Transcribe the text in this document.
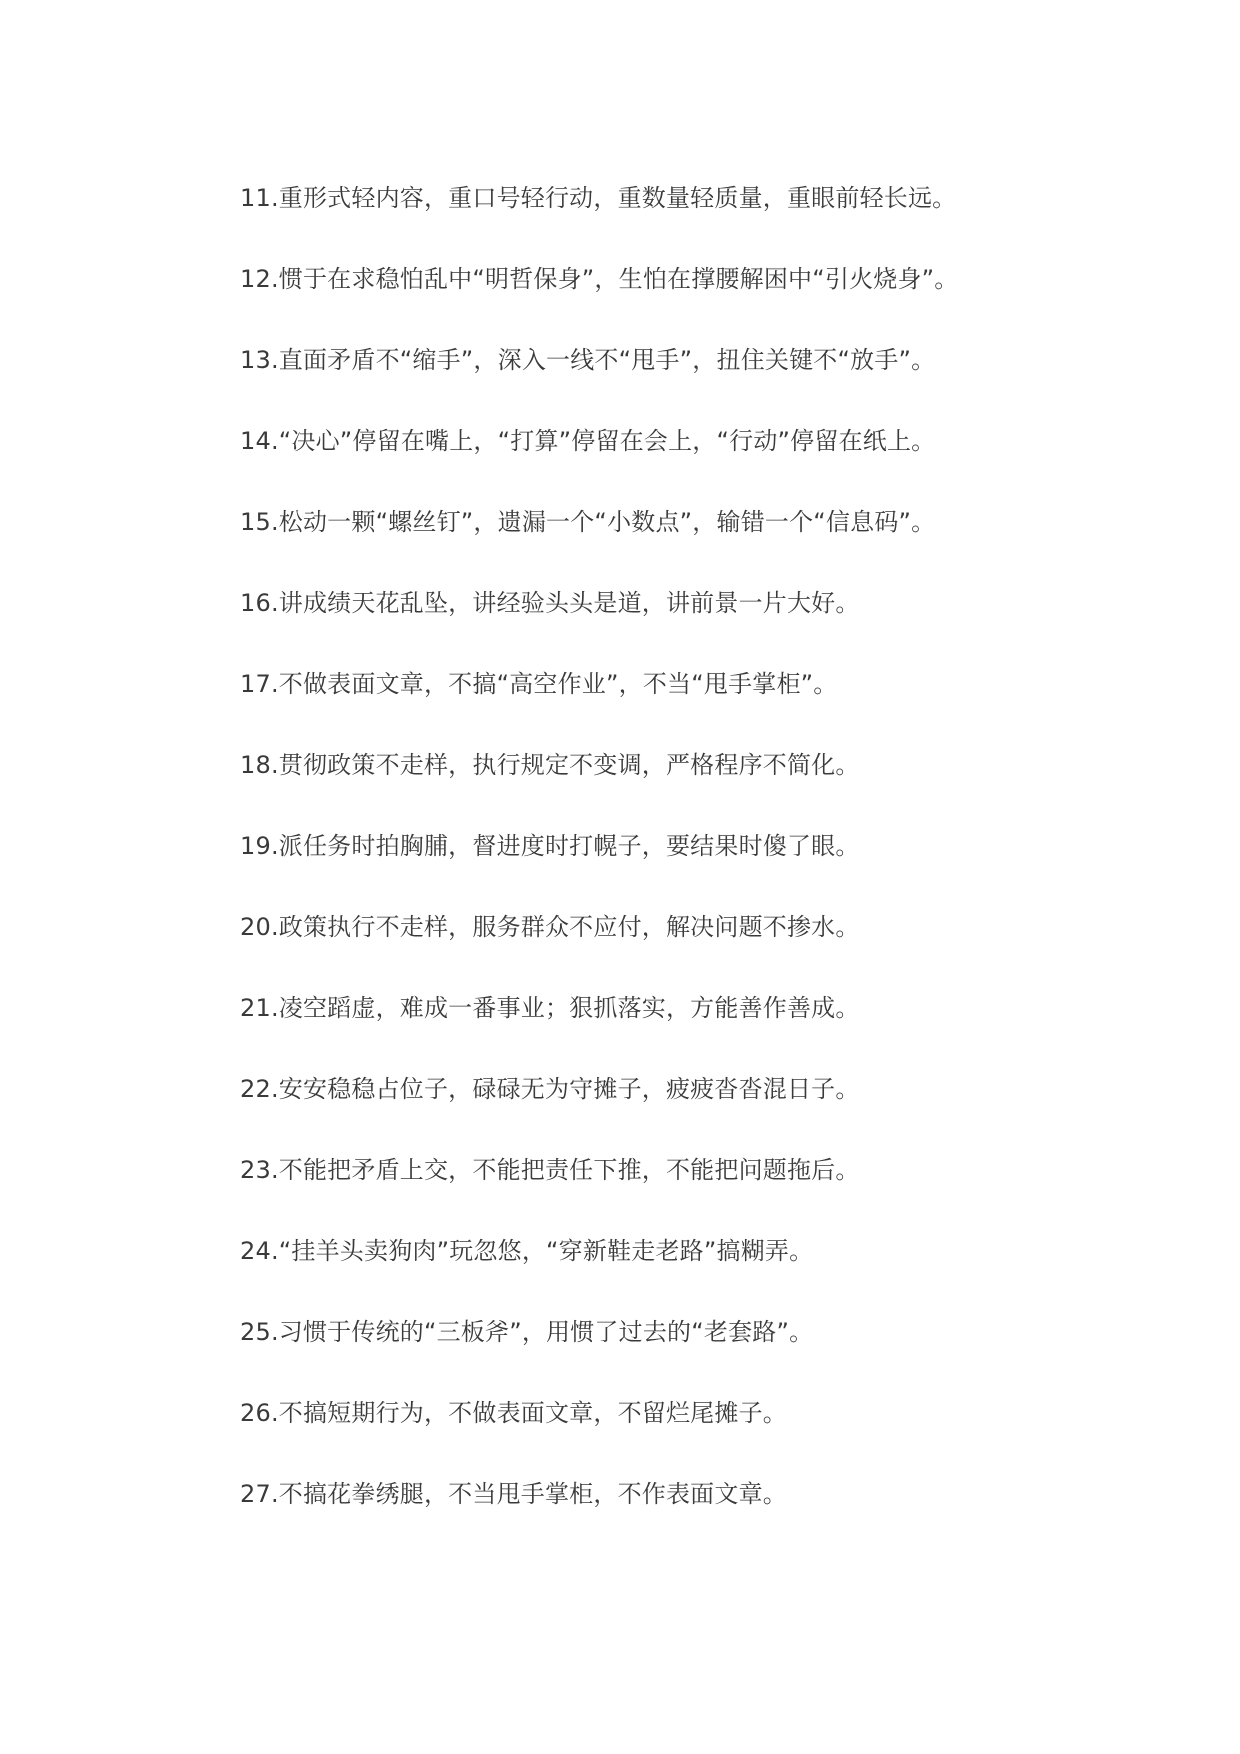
11.重形式轻内容，重口号轻行动，重数量轻质量，重眼前轻长远。
12.惯于在求稳怕乱中“明哲保身”，生怕在撑腰解困中“引火烧身”。
13.直面矛盾不“缩手”，深入一线不“甩手”，扭住关键不“放手”。
14.“决心”停留在嘴上，“打算”停留在会上，“行动”停留在纸上。
15.松动一颗“螺丝钉”，遗漏一个“小数点”，输错一个“信息码”。
16.讲成绩天花乱坠，讲经验头头是道，讲前景一片大好。
17.不做表面文章，不搞“高空作业”，不当“甩手掌柜”。
18.贯彻政策不走样，执行规定不变调，严格程序不简化。
19.派任务时拍胸脯，督进度时打幌子，要结果时傻了眼。
20.政策执行不走样，服务群众不应付，解决问题不掺水。
21.凌空蹈虚，难成一番事业；狠抓落实，方能善作善成。
22.安安稳稳占位子，碌碌无为守摊子，疲疲沓沓混日子。
23.不能把矛盾上交，不能把责任下推，不能把问题拖后。
24.“挂羊头卖狗肉”玩忽悠，“穿新鞋走老路”搞糊弄。
25.习惯于传统的“三板斧”，用惯了过去的“老套路”。
26.不搞短期行为，不做表面文章，不留烂尾摊子。
27.不搞花拳绣腿，不当甩手掌柜，不作表面文章。
